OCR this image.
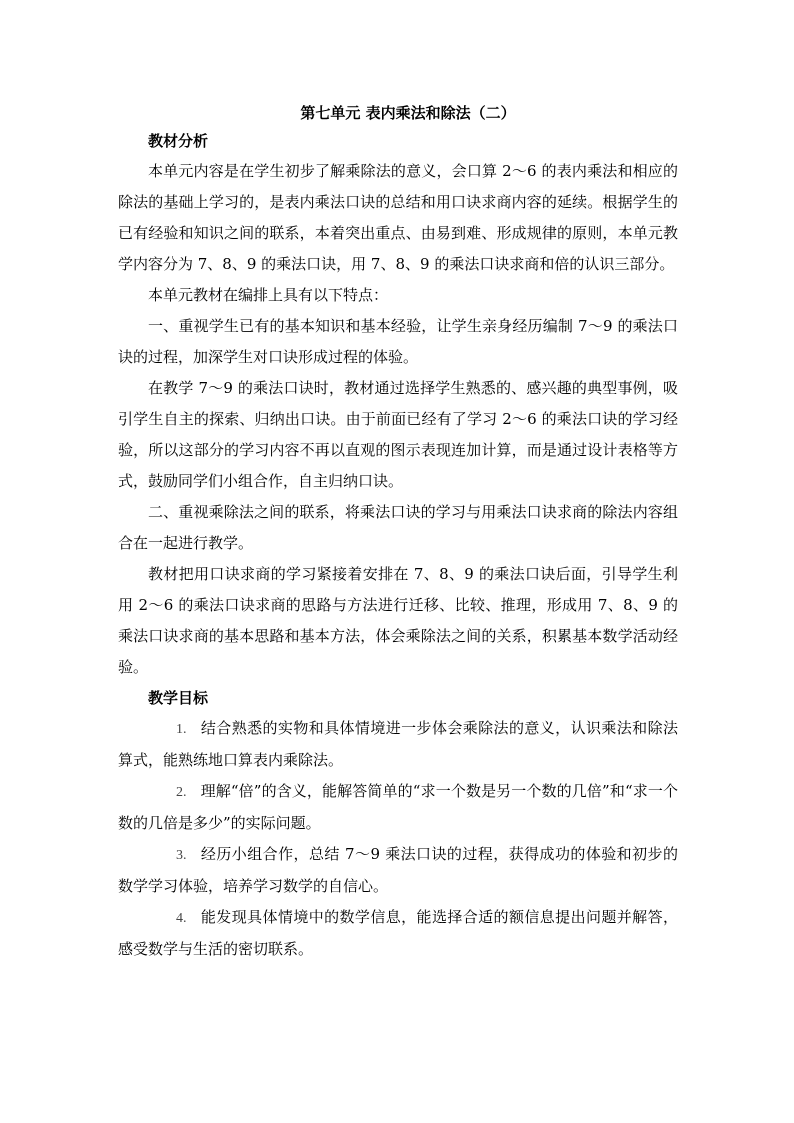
第七单元 表内乘法和除法（二）

教材分析

本单元内容是在学生初步了解乘除法的意义，会口算 2～6 的表内乘法和相应的除法的基础上学习的，是表内乘法口诀的总结和用口诀求商内容的延续。根据学生的已有经验和知识之间的联系，本着突出重点、由易到难、形成规律的原则，本单元教学内容分为 7、8、9 的乘法口诀，用 7、8、9 的乘法口诀求商和倍的认识三部分。

本单元教材在编排上具有以下特点：

一、重视学生已有的基本知识和基本经验，让学生亲身经历编制 7～9 的乘法口诀的过程，加深学生对口诀形成过程的体验。

在教学 7～9 的乘法口诀时，教材通过选择学生熟悉的、感兴趣的典型事例，吸引学生自主的探索、归纳出口诀。由于前面已经有了学习 2～6 的乘法口诀的学习经验，所以这部分的学习内容不再以直观的图示表现连加计算，而是通过设计表格等方式，鼓励同学们小组合作，自主归纳口诀。

二、重视乘除法之间的联系，将乘法口诀的学习与用乘法口诀求商的除法内容组合在一起进行教学。

教材把用口诀求商的学习紧接着安排在 7、8、9 的乘法口诀后面，引导学生利用 2～6 的乘法口诀求商的思路与方法进行迁移、比较、推理，形成用 7、8、9 的乘法口诀求商的基本思路和基本方法，体会乘除法之间的关系，积累基本数学活动经验。

教学目标

1. 结合熟悉的实物和具体情境进一步体会乘除法的意义，认识乘法和除法算式，能熟练地口算表内乘除法。

2. 理解“倍”的含义，能解答简单的“求一个数是另一个数的几倍”和“求一个数的几倍是多少”的实际问题。

3. 经历小组合作，总结 7～9 乘法口诀的过程，获得成功的体验和初步的数学学习体验，培养学习数学的自信心。

4. 能发现具体情境中的数学信息，能选择合适的额信息提出问题并解答，感受数学与生活的密切联系。
